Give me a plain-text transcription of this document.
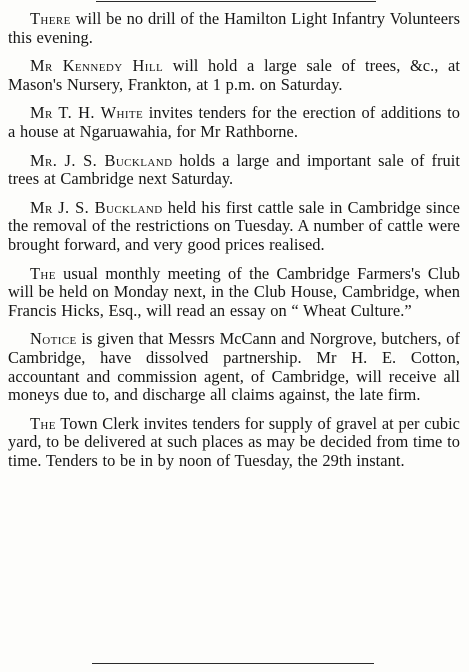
There will be no drill of the Hamilton Light Infantry Volunteers this evening.

Mr Kennedy Hill will hold a large sale of trees, &c., at Mason's Nursery, Frankton, at 1 p.m. on Saturday.

Mr T. H. White invites tenders for the erection of additions to a house at Ngaruawahia, for Mr Rathborne.

Mr. J. S. Buckland holds a large and important sale of fruit trees at Cambridge next Saturday.

Mr J. S. Buckland held his first cattle sale in Cambridge since the removal of the restrictions on Tuesday. A number of cattle were brought forward, and very good prices realised.

The usual monthly meeting of the Cambridge Farmers's Club will be held on Monday next, in the Club House, Cambridge, when Francis Hicks, Esq., will read an essay on “ Wheat Culture.”

Notice is given that Messrs McCann and Norgrove, butchers, of Cambridge, have dissolved partnership. Mr H. E. Cotton, accountant and commission agent, of Cambridge, will receive all moneys due to, and discharge all claims against, the late firm.

The Town Clerk invites tenders for supply of gravel at per cubic yard, to be delivered at such places as may be decided from time to time. Tenders to be in by noon of Tuesday, the 29th instant.
